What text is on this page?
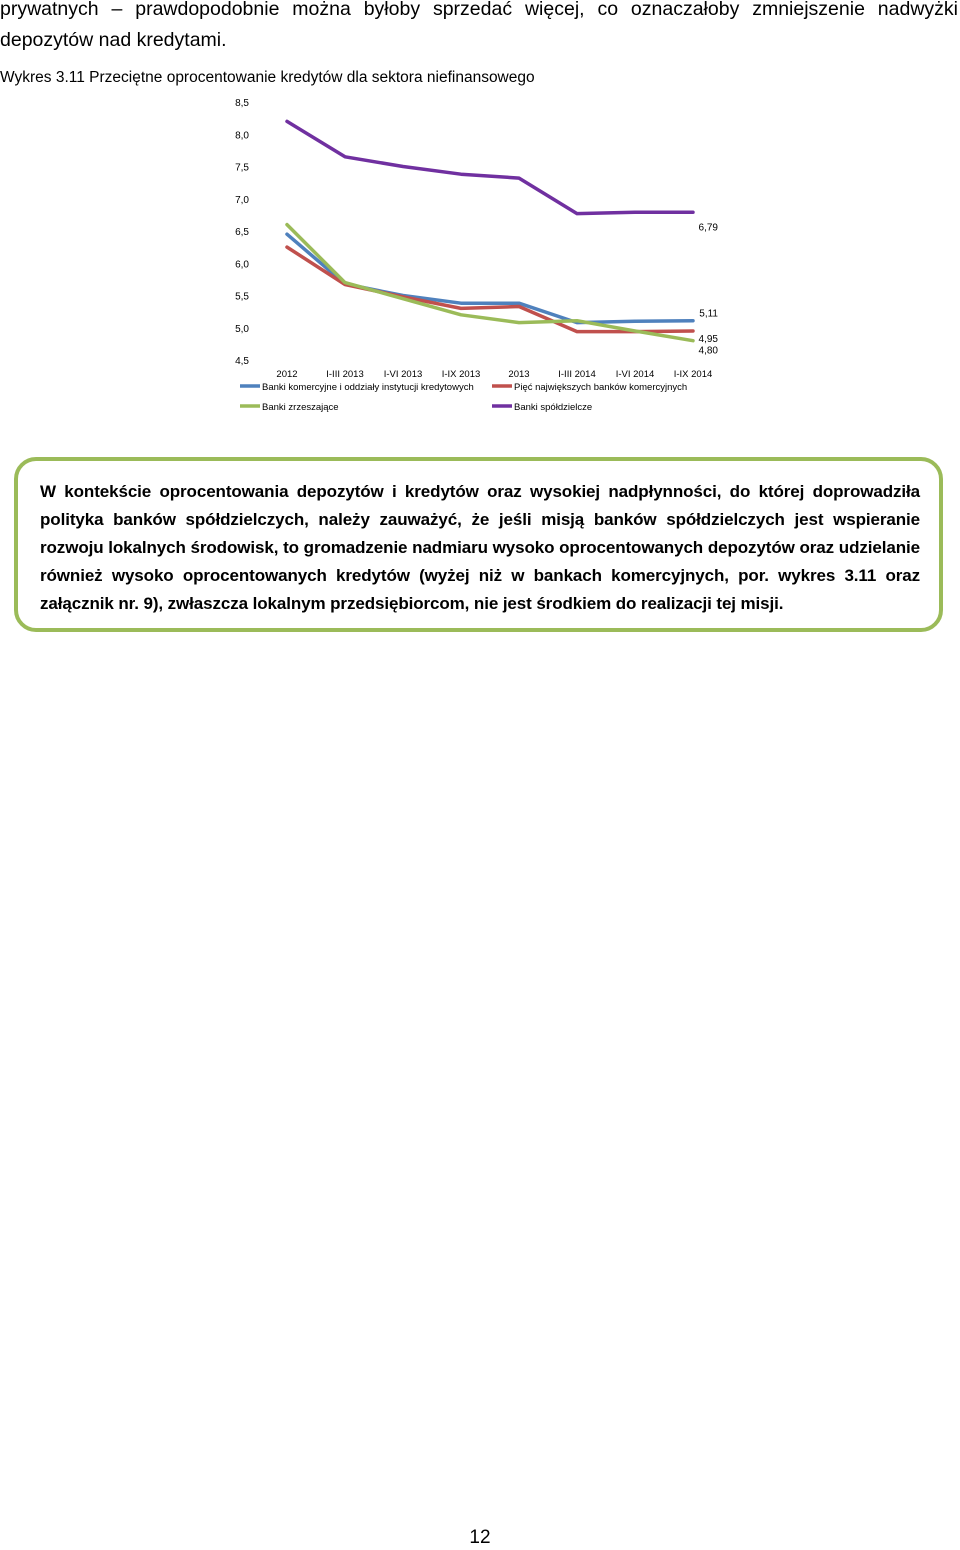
prywatnych – prawdopodobnie można byłoby sprzedać więcej, co oznaczałoby zmniejszenie nadwyżki
depozytów nad kredytami.
Wykres 3.11 Przeciętne oprocentowanie kredytów dla sektora niefinansowego
8,5
8,0
7,5
7,0
6,5
6,0
5,5
5,0
4,5
2012	I-III 2013 I-VI 2013 I-IX 2013	2013	I-III 2014 I-VI 2014 I-IX 2014
5,11
4,95
4,80
6,79
Banki komercyjne i oddziały instytucji kredytowych	Pięć największych banków komercyjnych
Banki zrzeszające	Banki spółdzielcze
W kontekście oprocentowania depozytów i kredytów oraz wysokiej nadpłynności, do której doprowadziła polityka banków spółdzielczych, należy zauważyć, że jeśli misją banków spółdzielczych jest wspieranie rozwoju lokalnych środowisk, to gromadzenie nadmiaru wysoko oprocentowanych depozytów oraz udzielanie również wysoko oprocentowanych kredytów (wyżej niż w bankach komercyjnych, por. wykres 3.11 oraz załącznik nr. 9), zwłaszcza lokalnym przedsiębiorcom, nie jest środkiem do realizacji tej misji.
12
